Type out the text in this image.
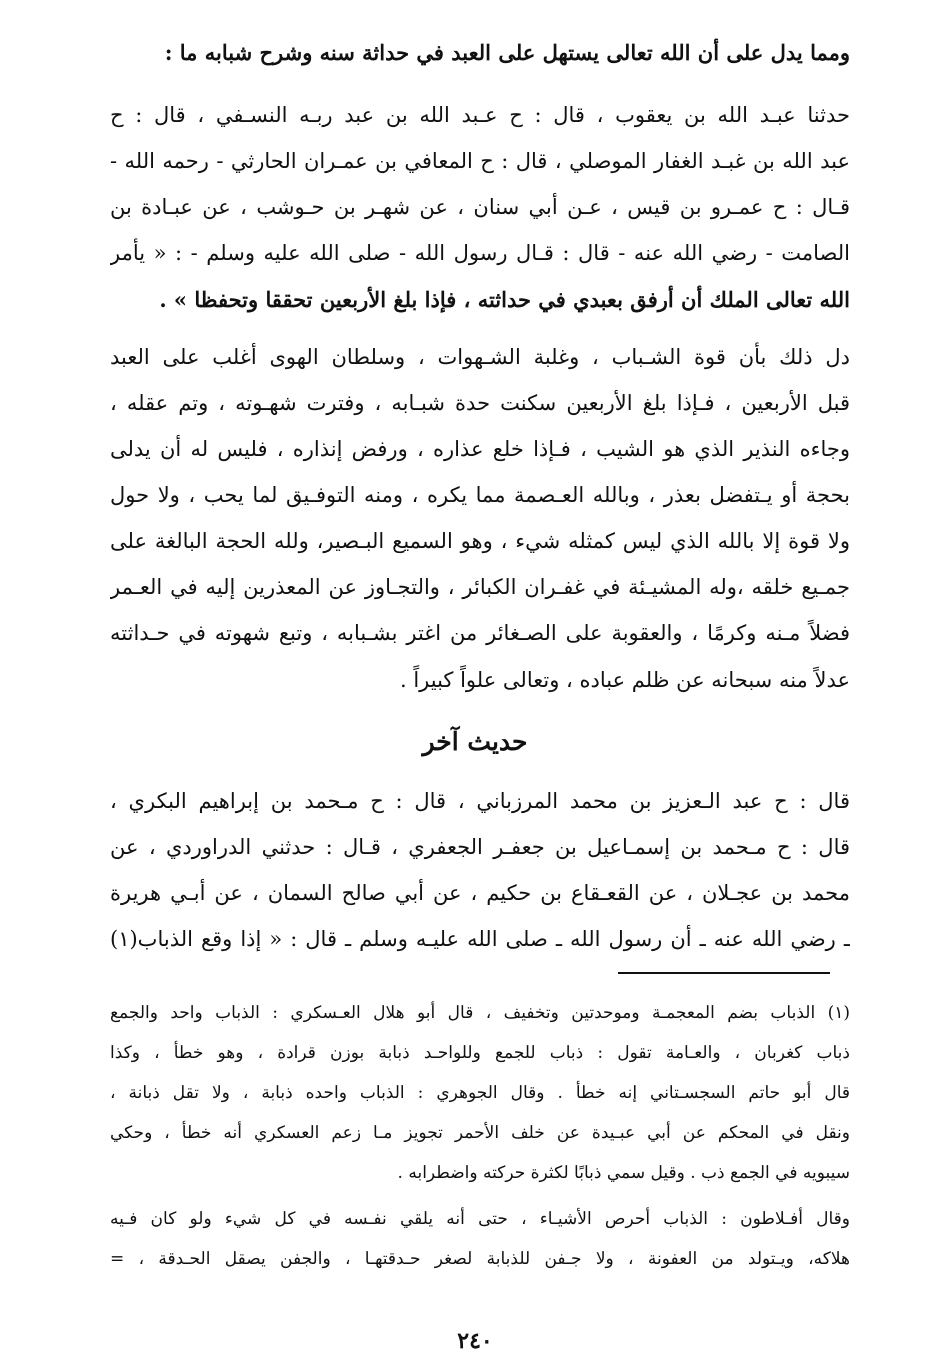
ومما يدل على أن الله تعالى يستهل على العبد في حداثة سنه وشرح شبابه ما :
حدثنا عبـد الله بن يعقوب ، قال : ح عـبد الله بن عبد ربـه النسـفي ، قال : ح
عبد الله بن غبـد الغفار الموصلي ، قال : ح المعافي بن عمـران الحارثي - رحمه الله -
قـال : ح عمـرو بن قيس ، عـن أبي سنان ، عن شهـر بن حـوشب ، عن عبـادة بن
الصامت - رضي الله عنه - قال : قـال رسول الله - صلى الله عليه وسلم - : « يأمر
الله تعالى الملك أن أرفق بعبدي في حداثته ، فإذا بلغ الأربعين تحققا وتحفظا » .
دل ذلك بأن قوة الشـباب ، وغلبة الشـهوات ، وسلطان الهوى أغلب على العبد
قبل الأربعين ، فـإذا بلغ الأربعين سكنت حدة شبـابه ، وفترت شهـوته ، وتم عقله ،
وجاءه النذير الذي هو الشيب ، فـإذا خلع عذاره ، ورفض إنذاره ، فليس له أن يدلى
بحجة أو يـتفضل بعذر ، وبالله العـصمة مما يكره ، ومنه التوفـيق لما يحب ، ولا حول
ولا قوة إلا بالله الذي ليس كمثله شيء ، وهو السميع البـصير، ولله الحجة البالغة على
جمـيع خلقه ،وله المشيـئة في غفـران الكبائر ، والتجـاوز عن المعذرين إليه في العـمر
فضلاً مـنه وكرمًا ، والعقوبة على الصـغائر من اغتر بشـبابه ، وتبع شهوته في حـداثته
عدلاً منه سبحانه عن ظلم عباده ، وتعالى علواً كبيراً .
حديث آخر
قال : ح عبد الـعزيز بن محمد المرزباني ، قال : ح مـحمد بن إبراهيم البكري ،
قال : ح مـحمد بن إسمـاعيل بن جعفـر الجعفري ، قـال : حدثني الدراوردي ، عن
محمد بن عجـلان ، عن القعـقاع بن حكيم ، عن أبي صالح السمان ، عن أبـي هريرة
ـ رضي الله عنه ـ أن رسول الله ـ صلى الله عليـه وسلم ـ قال : « إذا وقع الذباب(١)
(١) الذباب بضم المعجمـة وموحدتين وتخفيف ، قال أبو هلال العـسكري : الذباب واحد والجمع
ذباب كغربان ، والعـامة تقول : ذباب للجمع وللواحـد ذبابة بوزن قرادة ، وهو خطأ ، وكذا
قال أبو حاتم السجسـتاني إنه خطأ . وقال الجوهري : الذباب واحده ذبابة ، ولا تقل ذبانة ،
ونقل في المحكم عن أبي عبـيدة عن خلف الأحمر تجويز مـا زعم العسكري أنه خطأ ، وحكي
سيبويه في الجمع ذب . وقيل سمي ذبابًا لكثرة حركته واضطرابه .
وقال أفـلاطون : الذباب أحرص الأشيـاء ، حتى أنه يلقي نفـسه في كل شيء ولو كان فـيه
هلاكه، ويـتولد من العفونة ، ولا جـفن للذبابة لصغر حـدقتهـا ، والجفن يصقل الحـدقة ، =
٢٤٠
